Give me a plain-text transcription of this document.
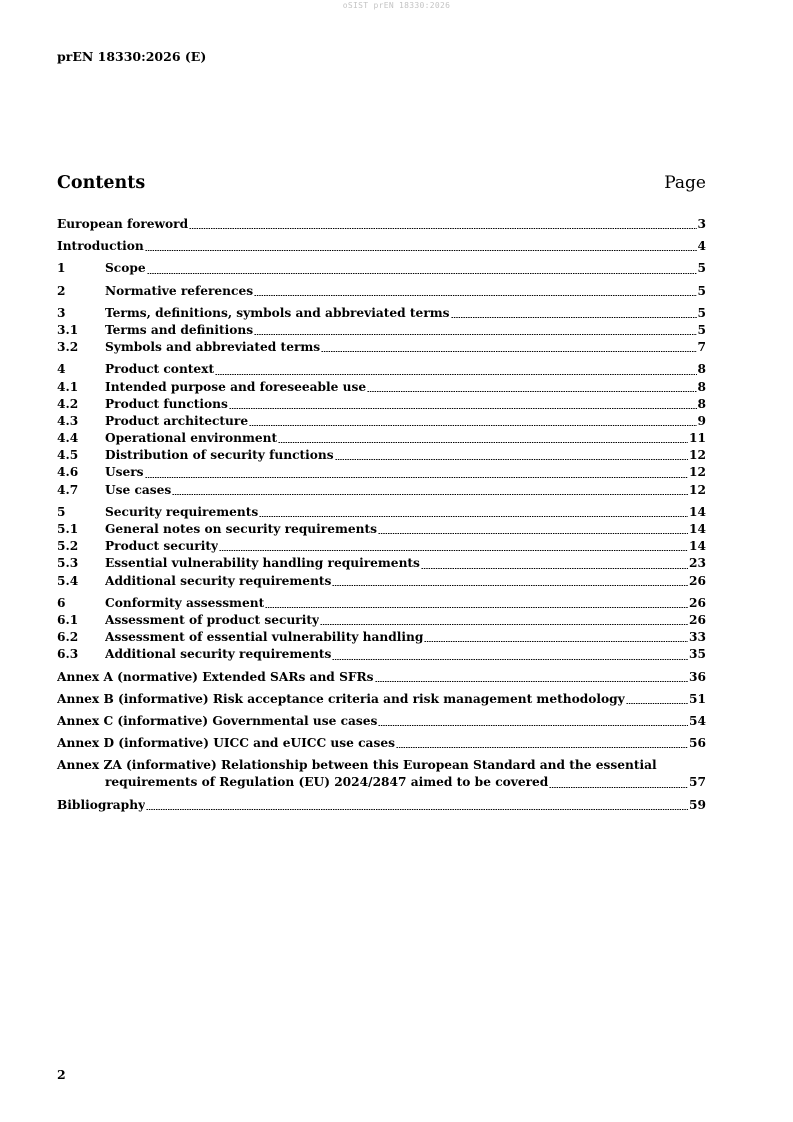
oSIST prEN 18330:2026
prEN 18330:2026 (E)
Contents	Page
European foreword	3
Introduction	4
1	Scope	5
2	Normative references	5
3	Terms, definitions, symbols and abbreviated terms	5
3.1	Terms and definitions	5
3.2	Symbols and abbreviated terms	7
4	Product context	8
4.1	Intended purpose and foreseeable use	8
4.2	Product functions	8
4.3	Product architecture	9
4.4	Operational environment	11
4.5	Distribution of security functions	12
4.6	Users	12
4.7	Use cases	12
5	Security requirements	14
5.1	General notes on security requirements	14
5.2	Product security	14
5.3	Essential vulnerability handling requirements	23
5.4	Additional security requirements	26
6	Conformity assessment	26
6.1	Assessment of product security	26
6.2	Assessment of essential vulnerability handling	33
6.3	Additional security requirements	35
Annex A (normative) Extended SARs and SFRs	36
Annex B (informative) Risk acceptance criteria and risk management methodology	51
Annex C (informative) Governmental use cases	54
Annex D (informative) UICC and eUICC use cases	56
Annex ZA (informative) Relationship between this European Standard and the essential
requirements of Regulation (EU) 2024/2847 aimed to be covered	57
Bibliography	59
2
